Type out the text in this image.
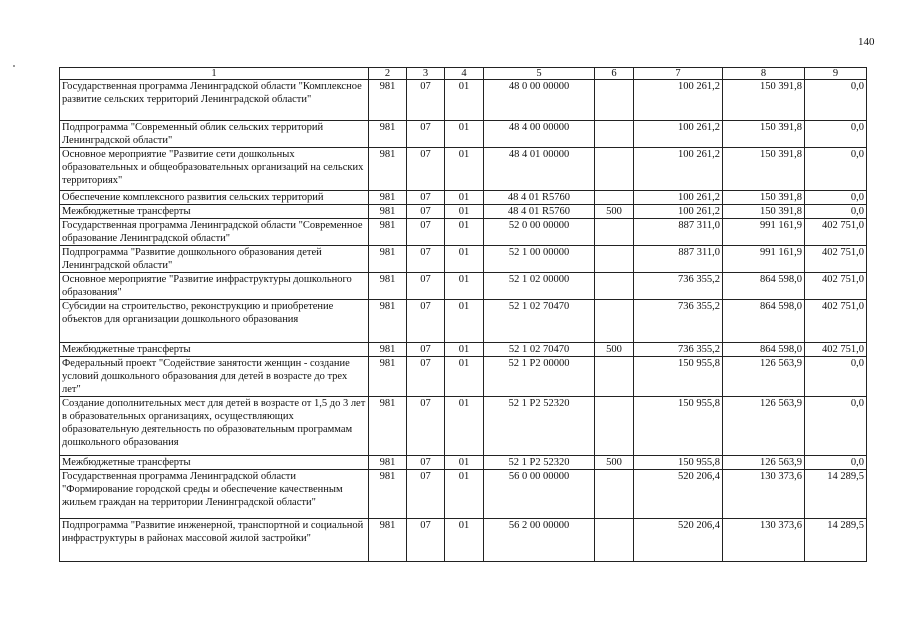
140
1	2	3	4	5	6	7	8	9
Государственная программа Ленинградской области "Комплексное развитие сельских территорий Ленинградской области"	981	07	01	48 0 00 00000		100 261,2	150 391,8	0,0
Подпрограмма "Современный облик сельских территорий Ленинградской области"	981	07	01	48 4 00 00000		100 261,2	150 391,8	0,0
Основное мероприятие "Развитие сети дошкольных образовательных и общеобразовательных организаций на сельских территориях"	981	07	01	48 4 01 00000		100 261,2	150 391,8	0,0
Обеспечение комплексного развития сельских территорий	981	07	01	48 4 01 R5760		100 261,2	150 391,8	0,0
Межбюджетные трансферты	981	07	01	48 4 01 R5760	500	100 261,2	150 391,8	0,0
Государственная программа Ленинградской области "Современное образование Ленинградской области"	981	07	01	52 0 00 00000		887 311,0	991 161,9	402 751,0
Подпрограмма "Развитие дошкольного образования детей Ленинградской области"	981	07	01	52 1 00 00000		887 311,0	991 161,9	402 751,0
Основное мероприятие "Развитие инфраструктуры дошкольного образования"	981	07	01	52 1 02 00000		736 355,2	864 598,0	402 751,0
Субсидии на строительство, реконструкцию и приобретение объектов для организации дошкольного образования	981	07	01	52 1 02 70470		736 355,2	864 598,0	402 751,0
Межбюджетные трансферты	981	07	01	52 1 02 70470	500	736 355,2	864 598,0	402 751,0
Федеральный проект "Содействие занятости женщин - создание условий дошкольного образования для детей в возрасте до трех лет"	981	07	01	52 1 P2 00000		150 955,8	126 563,9	0,0
Создание дополнительных мест для детей в возрасте от 1,5 до 3 лет в образовательных организациях, осуществляющих образовательную деятельность по образовательным программам дошкольного образования	981	07	01	52 1 P2 52320		150 955,8	126 563,9	0,0
Межбюджетные трансферты	981	07	01	52 1 P2 52320	500	150 955,8	126 563,9	0,0
Государственная программа Ленинградской области "Формирование городской среды и обеспечение качественным жильем граждан на территории Ленинградской области"	981	07	01	56 0 00 00000		520 206,4	130 373,6	14 289,5
Подпрограмма "Развитие инженерной, транспортной и социальной инфраструктуры в районах массовой жилой застройки"	981	07	01	56 2 00 00000		520 206,4	130 373,6	14 289,5
